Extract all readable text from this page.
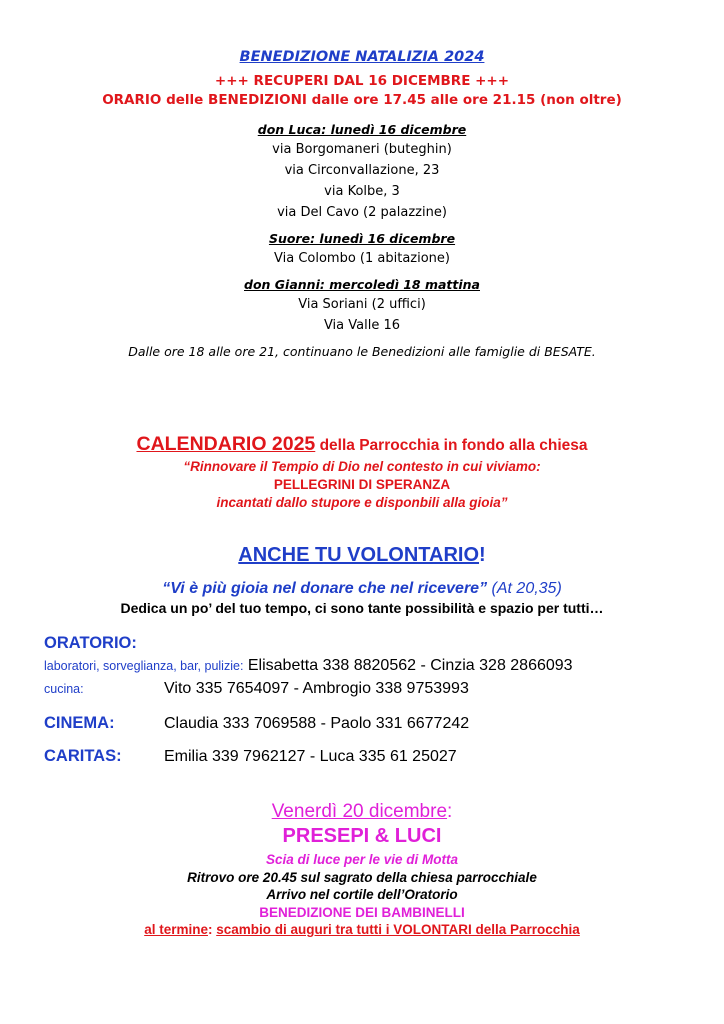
BENEDIZIONE NATALIZIA 2024
+++ RECUPERI DAL 16 DICEMBRE +++
ORARIO delle BENEDIZIONI dalle ore 17.45 alle ore 21.15 (non oltre)
don Luca: lunedì 16 dicembre
via Borgomaneri (buteghin)
via Circonvallazione, 23
via Kolbe, 3
via Del Cavo (2 palazzine)
Suore: lunedì 16 dicembre
Via Colombo (1 abitazione)
don Gianni: mercoledì 18 mattina
Via Soriani (2 uffici)
Via Valle 16
Dalle ore 18 alle ore 21, continuano le Benedizioni alle famiglie di BESATE.
CALENDARIO 2025 della Parrocchia in fondo alla chiesa
“Rinnovare il Tempio di Dio nel contesto in cui viviamo:
PELLEGRINI DI SPERANZA
incantati dallo stupore e disponbili alla gioia”
ANCHE TU VOLONTARIO!
“Vi è più gioia nel donare che nel ricevere” (At 20,35)
Dedica un po’ del tuo tempo, ci sono tante possibilità e spazio per tutti…
ORATORIO:
laboratori, sorveglianza, bar, pulizie: Elisabetta 338 8820562 - Cinzia 328 2866093
cucina:	Vito 335 7654097 - Ambrogio 338 9753993
CINEMA:	Claudia 333 7069588 - Paolo 331 6677242
CARITAS:	Emilia 339 7962127 - Luca 335 61 25027
Venerdì 20 dicembre:
PRESEPI & LUCI
Scia di luce per le vie di Motta
Ritrovo ore 20.45 sul sagrato della chiesa parrocchiale
Arrivo nel cortile dell’Oratorio
BENEDIZIONE DEI BAMBINELLI
al termine: scambio di auguri tra tutti i VOLONTARI della Parrocchia
